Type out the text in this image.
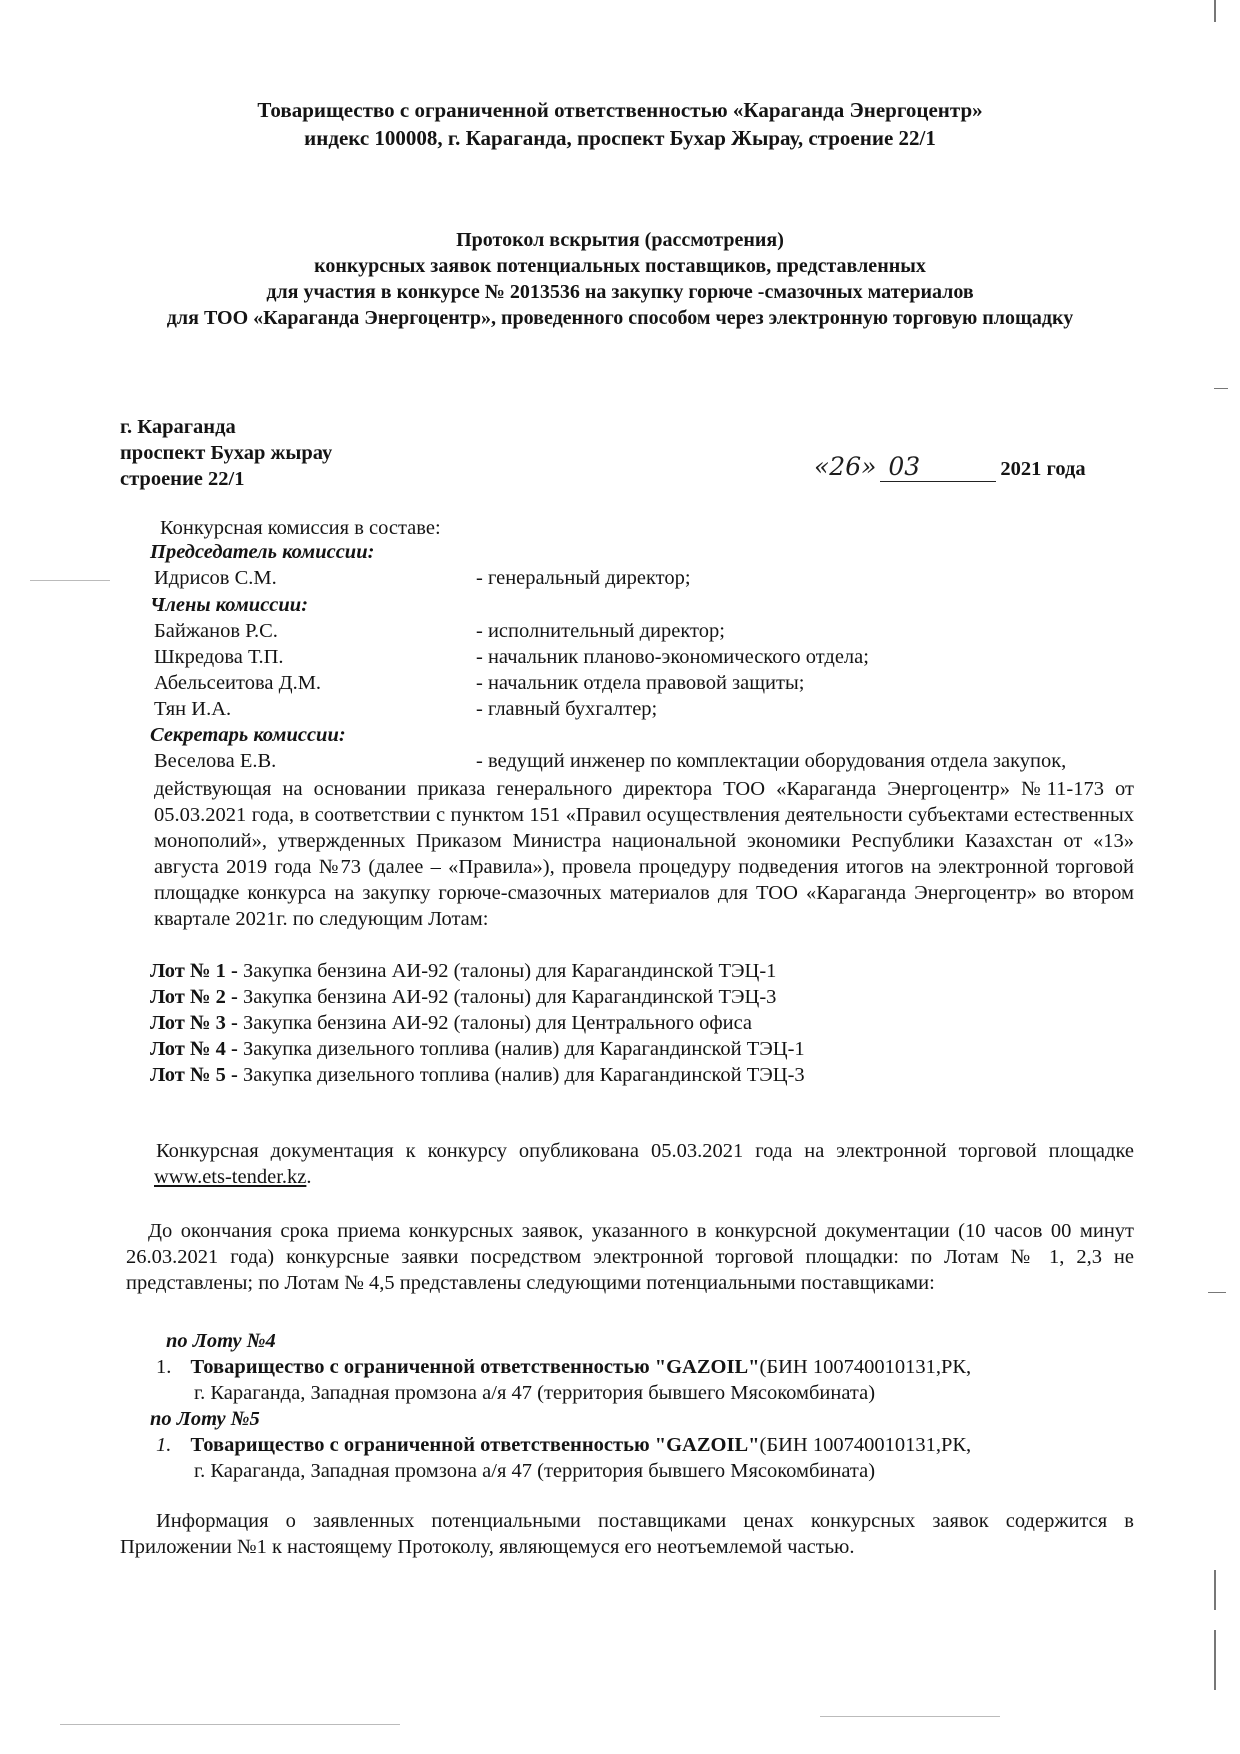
Товарищество с ограниченной ответственностью «Караганда Энергоцентр»
индекс 100008, г. Караганда, проспект Бухар Жырау, строение 22/1
Протокол вскрытия (рассмотрения)
конкурсных заявок потенциальных поставщиков, представленных
для участия в конкурсе № 2013536 на закупку горюче -смазочных материалов
для ТОО «Караганда Энергоцентр», проведенного способом через электронную торговую площадку
г. Караганда
проспект Бухар жырау
строение 22/1	«26» 03	2021 года
Конкурсная комиссия в составе:
Председатель комиссии:
Идрисов С.М.	- генеральный директор;
Члены комиссии:
Байжанов Р.С.	- исполнительный директор;
Шкредова Т.П.	- начальник планово-экономического отдела;
Абельсеитова Д.М.	- начальник отдела правовой защиты;
Тян И.А.	- главный бухгалтер;
Секретарь комиссии:
Веселова Е.В.	- ведущий инженер по комплектации оборудования отдела закупок,
действующая на основании приказа генерального директора ТОО «Караганда Энергоцентр» №11-173 от 05.03.2021 года, в соответствии с пунктом 151 «Правил осуществления деятельности субъектами естественных монополий», утвержденных Приказом Министра национальной экономики Республики Казахстан от «13» августа 2019 года №73 (далее – «Правила»), провела процедуру подведения итогов на электронной торговой площадке конкурса на закупку горюче-смазочных материалов для ТОО «Караганда Энергоцентр» во втором квартале 2021г. по следующим Лотам:
Лот № 1 - Закупка бензина АИ-92 (талоны) для Карагандинской ТЭЦ-1
Лот № 2 - Закупка бензина АИ-92 (талоны) для Карагандинской ТЭЦ-3
Лот № 3 - Закупка бензина АИ-92 (талоны) для Центрального офиса
Лот № 4 - Закупка дизельного топлива (налив) для Карагандинской ТЭЦ-1
Лот № 5 - Закупка дизельного топлива (налив) для Карагандинской ТЭЦ-3
Конкурсная документация к конкурсу опубликована 05.03.2021 года на электронной торговой площадке www.ets-tender.kz.
До окончания срока приема конкурсных заявок, указанного в конкурсной документации (10 часов 00 минут 26.03.2021 года) конкурсные заявки посредством электронной торговой площадки: по Лотам № 1, 2,3 не представлены; по Лотам № 4,5 представлены следующими потенциальными поставщиками:
по Лоту №4
1. Товарищество с ограниченной ответственностью "GAZOIL"(БИН 100740010131,РК,
г. Караганда, Западная промзона а/я 47 (территория бывшего Мясокомбината)
по Лоту №5
1. Товарищество с ограниченной ответственностью "GAZOIL"(БИН 100740010131,РК,
г. Караганда, Западная промзона а/я 47 (территория бывшего Мясокомбината)
Информация о заявленных потенциальными поставщиками ценах конкурсных заявок содержится в Приложении №1 к настоящему Протоколу, являющемуся его неотъемлемой частью.
